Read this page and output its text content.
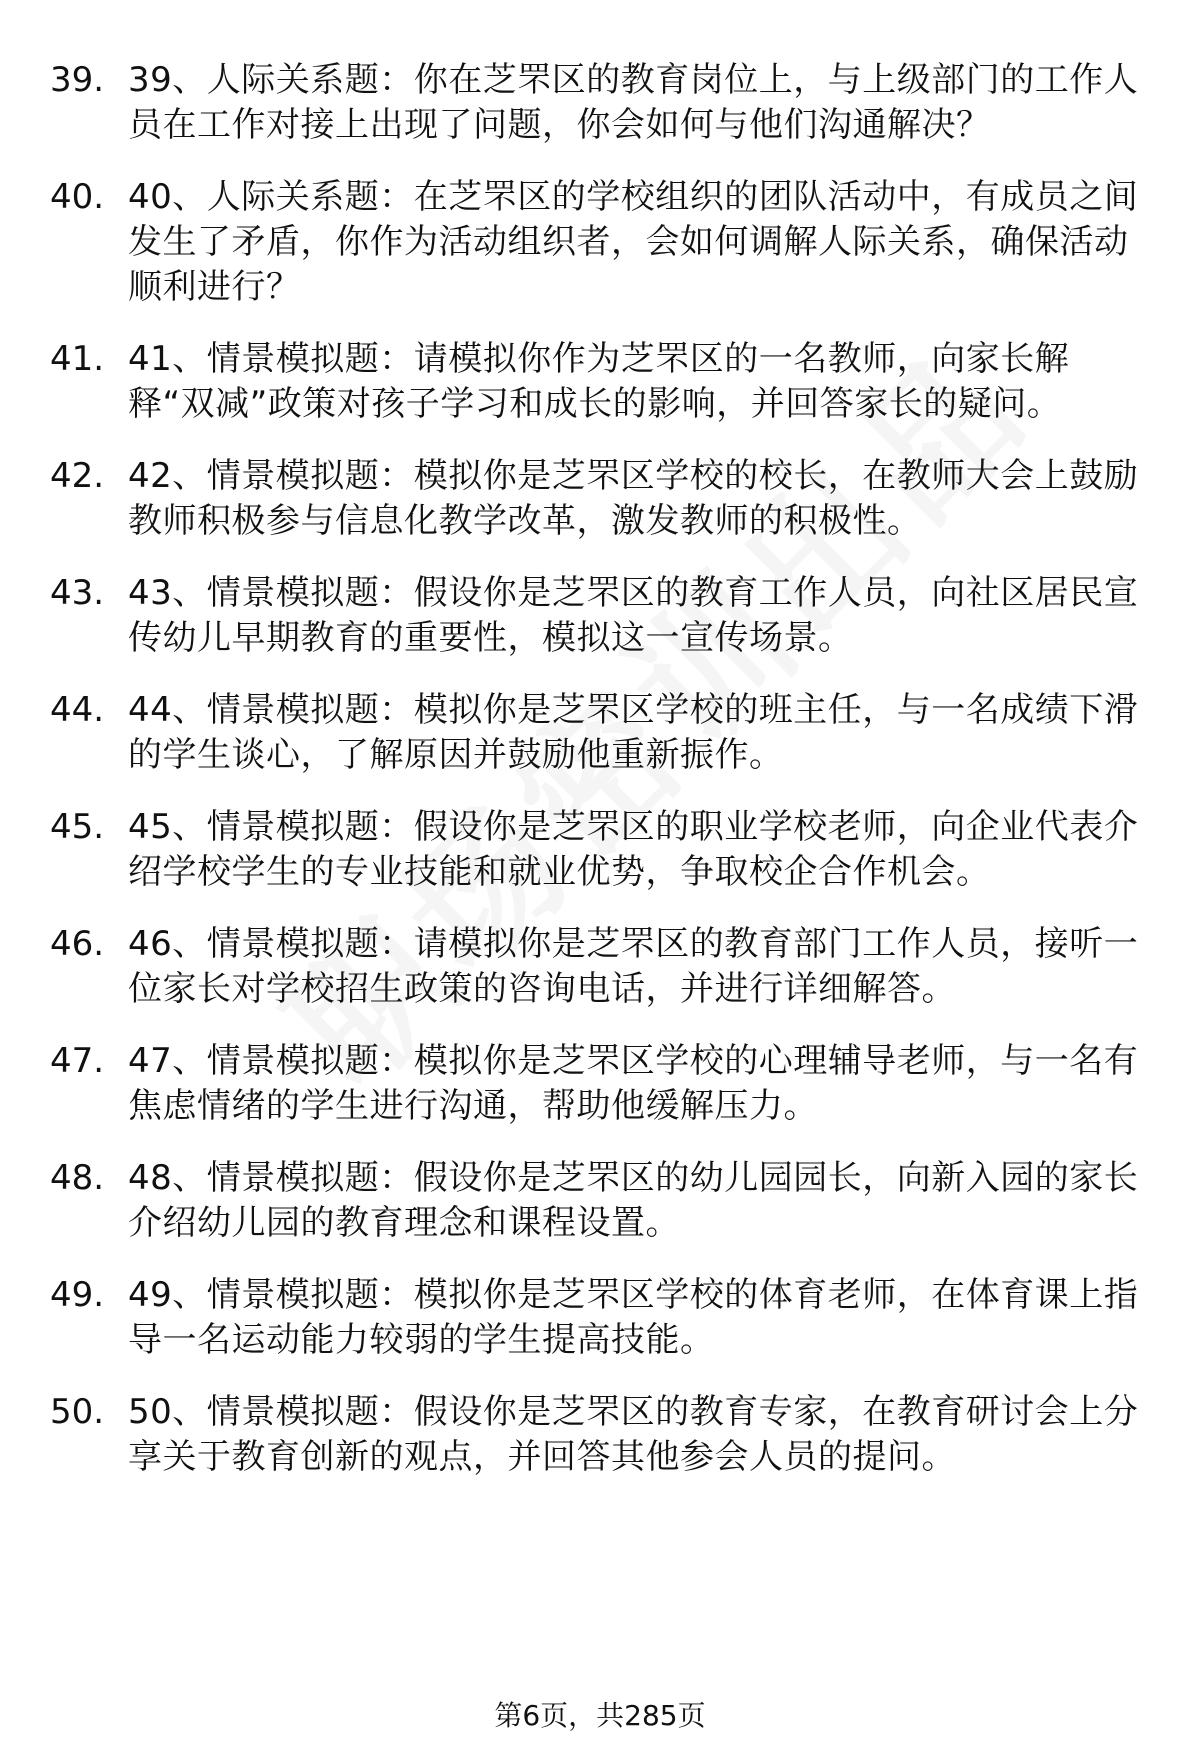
39. 39、人际关系题：你在芝罘区的教育岗位上，与上级部门的工作人员在工作对接上出现了问题，你会如何与他们沟通解决？
40. 40、人际关系题：在芝罘区的学校组织的团队活动中，有成员之间发生了矛盾，你作为活动组织者，会如何调解人际关系，确保活动顺利进行？
41. 41、情景模拟题：请模拟你作为芝罘区的一名教师，向家长解释“双减”政策对孩子学习和成长的影响，并回答家长的疑问。
42. 42、情景模拟题：模拟你是芝罘区学校的校长，在教师大会上鼓励教师积极参与信息化教学改革，激发教师的积极性。
43. 43、情景模拟题：假设你是芝罘区的教育工作人员，向社区居民宣传幼儿早期教育的重要性，模拟这一宣传场景。
44. 44、情景模拟题：模拟你是芝罘区学校的班主任，与一名成绩下滑的学生谈心，了解原因并鼓励他重新振作。
45. 45、情景模拟题：假设你是芝罘区的职业学校老师，向企业代表介绍学校学生的专业技能和就业优势，争取校企合作机会。
46. 46、情景模拟题：请模拟你是芝罘区的教育部门工作人员，接听一位家长对学校招生政策的咨询电话，并进行详细解答。
47. 47、情景模拟题：模拟你是芝罘区学校的心理辅导老师，与一名有焦虑情绪的学生进行沟通，帮助他缓解压力。
48. 48、情景模拟题：假设你是芝罘区的幼儿园园长，向新入园的家长介绍幼儿园的教育理念和课程设置。
49. 49、情景模拟题：模拟你是芝罘区学校的体育老师，在体育课上指导一名运动能力较弱的学生提高技能。
50. 50、情景模拟题：假设你是芝罘区的教育专家，在教育研讨会上分享关于教育创新的观点，并回答其他参会人员的提问。
第6页，共285页
